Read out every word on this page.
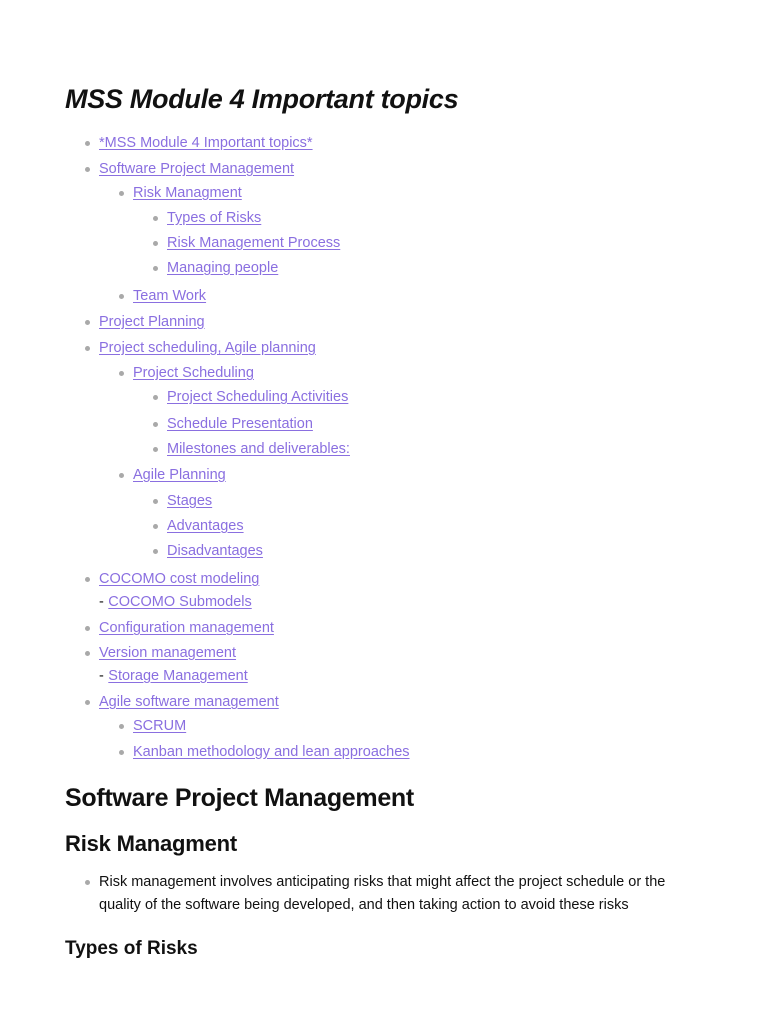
MSS Module 4 Important topics
*MSS Module 4 Important topics*
Software Project Management
Risk Managment
Types of Risks
Risk Management Process
Managing people
Team Work
Project Planning
Project scheduling, Agile planning
Project Scheduling
Project Scheduling Activities
Schedule Presentation
Milestones and deliverables:
Agile Planning
Stages
Advantages
Disadvantages
COCOMO cost modeling
- COCOMO Submodels
Configuration management
Version management
- Storage Management
Agile software management
SCRUM
Kanban methodology and lean approaches
Software Project Management
Risk Managment
Risk management involves anticipating risks that might affect the project schedule or the quality of the software being developed, and then taking action to avoid these risks
Types of Risks
